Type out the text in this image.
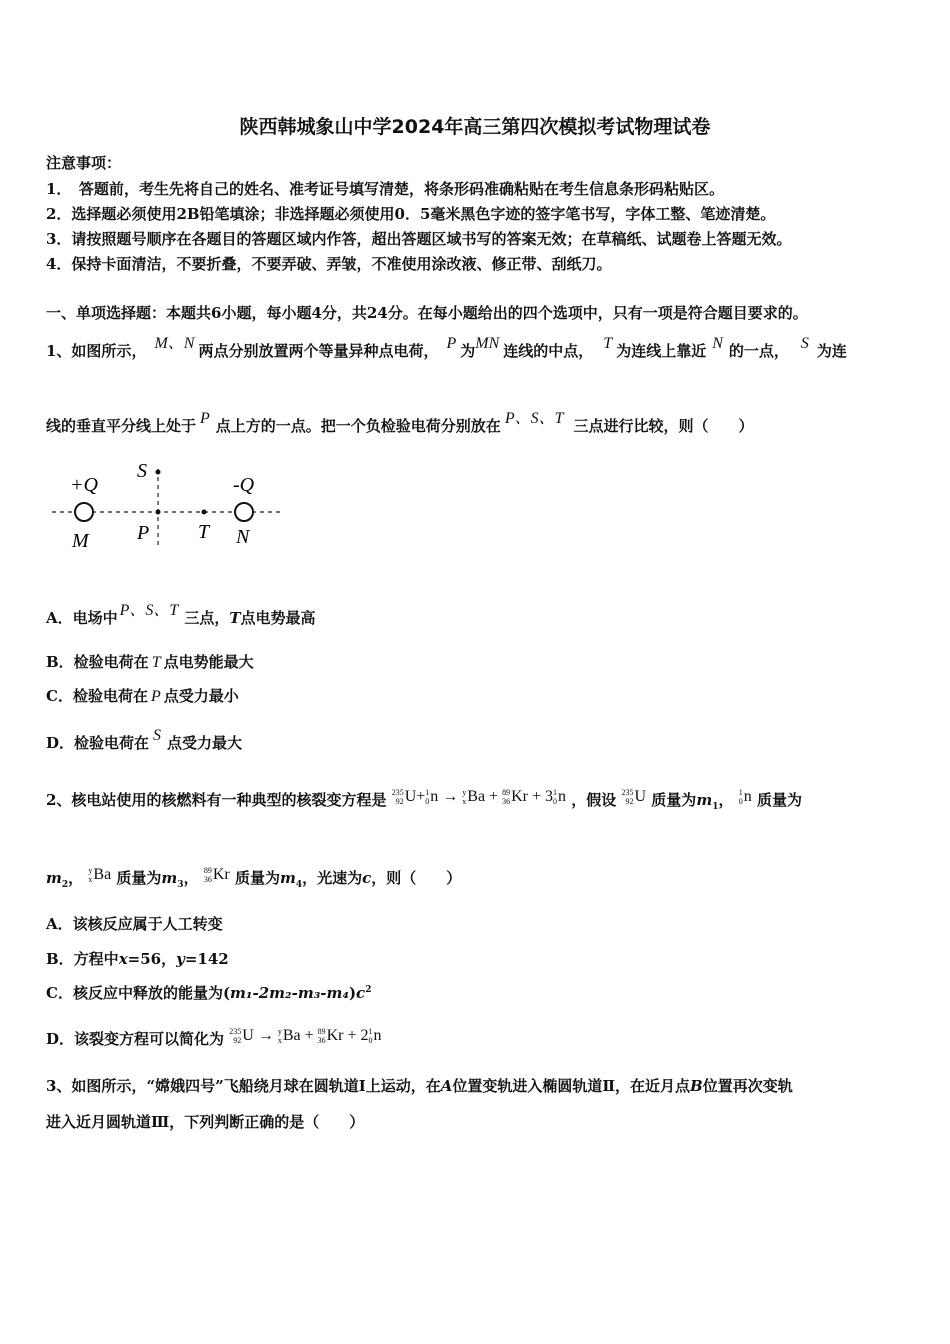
陕西韩城象山中学2024年高三第四次模拟考试物理试卷
注意事项：
1．　答题前，考生先将自己的姓名、准考证号填写清楚，将条形码准确粘贴在考生信息条形码粘贴区。
2．选择题必须使用2B铅笔填涂；非选择题必须使用0．5毫米黑色字迹的签字笔书写，字体工整、笔迹清楚。
3．请按照题号顺序在各题目的答题区域内作答，超出答题区域书写的答案无效；在草稿纸、试题卷上答题无效。
4．保持卡面清洁，不要折叠，不要弄破、弄皱，不准使用涂改液、修正带、刮纸刀。
一、单项选择题：本题共6小题，每小题4分，共24分。在每小题给出的四个选项中，只有一项是符合题目要求的。
1、如图所示， M、N 两点分别放置两个等量异种点电荷， P 为MN 连线的中点， T 为连线上靠近 N 的一点， S 为连
线的垂直平分线上处于 P 点上方的一点。把一个负检验电荷分别放在 P、S、T 三点进行比较，则（　　）
+Q	-Q
M	N
P
S
T
A．电场中 P、S、T 三点，T点电势最高
B．检验电荷在 T 点电势能最大
C．检验电荷在 P 点受力最小
D．检验电荷在 S 点受力最大
2、核电站使用的核燃料有一种典型的核裂变方程是 235
92 U+ 1
0 n → y
x Ba + 89
36 Kr + 3 1
0 n ，假设 235
92 U 质量为$m_1$， 1
0 n 质量为
$m_2$， y
x Ba 质量为$m_3$， 89
36 Kr 质量为$m_4$，光速为c，则（　　）
A．该核反应属于人工转变
B．方程中x=56，y=142
C．核反应中释放的能量为$(m_1-2m_2-m_3-m_4)c^2$
D．该裂变方程可以简化为 235
92 U → y
x Ba + 89
36 Kr + 2 1
0 n
3、如图所示，“嫦娥四号”飞船绕月球在圆轨道Ⅰ上运动，在A位置变轨进入椭圆轨道Ⅱ，在近月点B位置再次变轨
进入近月圆轨道Ⅲ，下列判断正确的是（　　）
